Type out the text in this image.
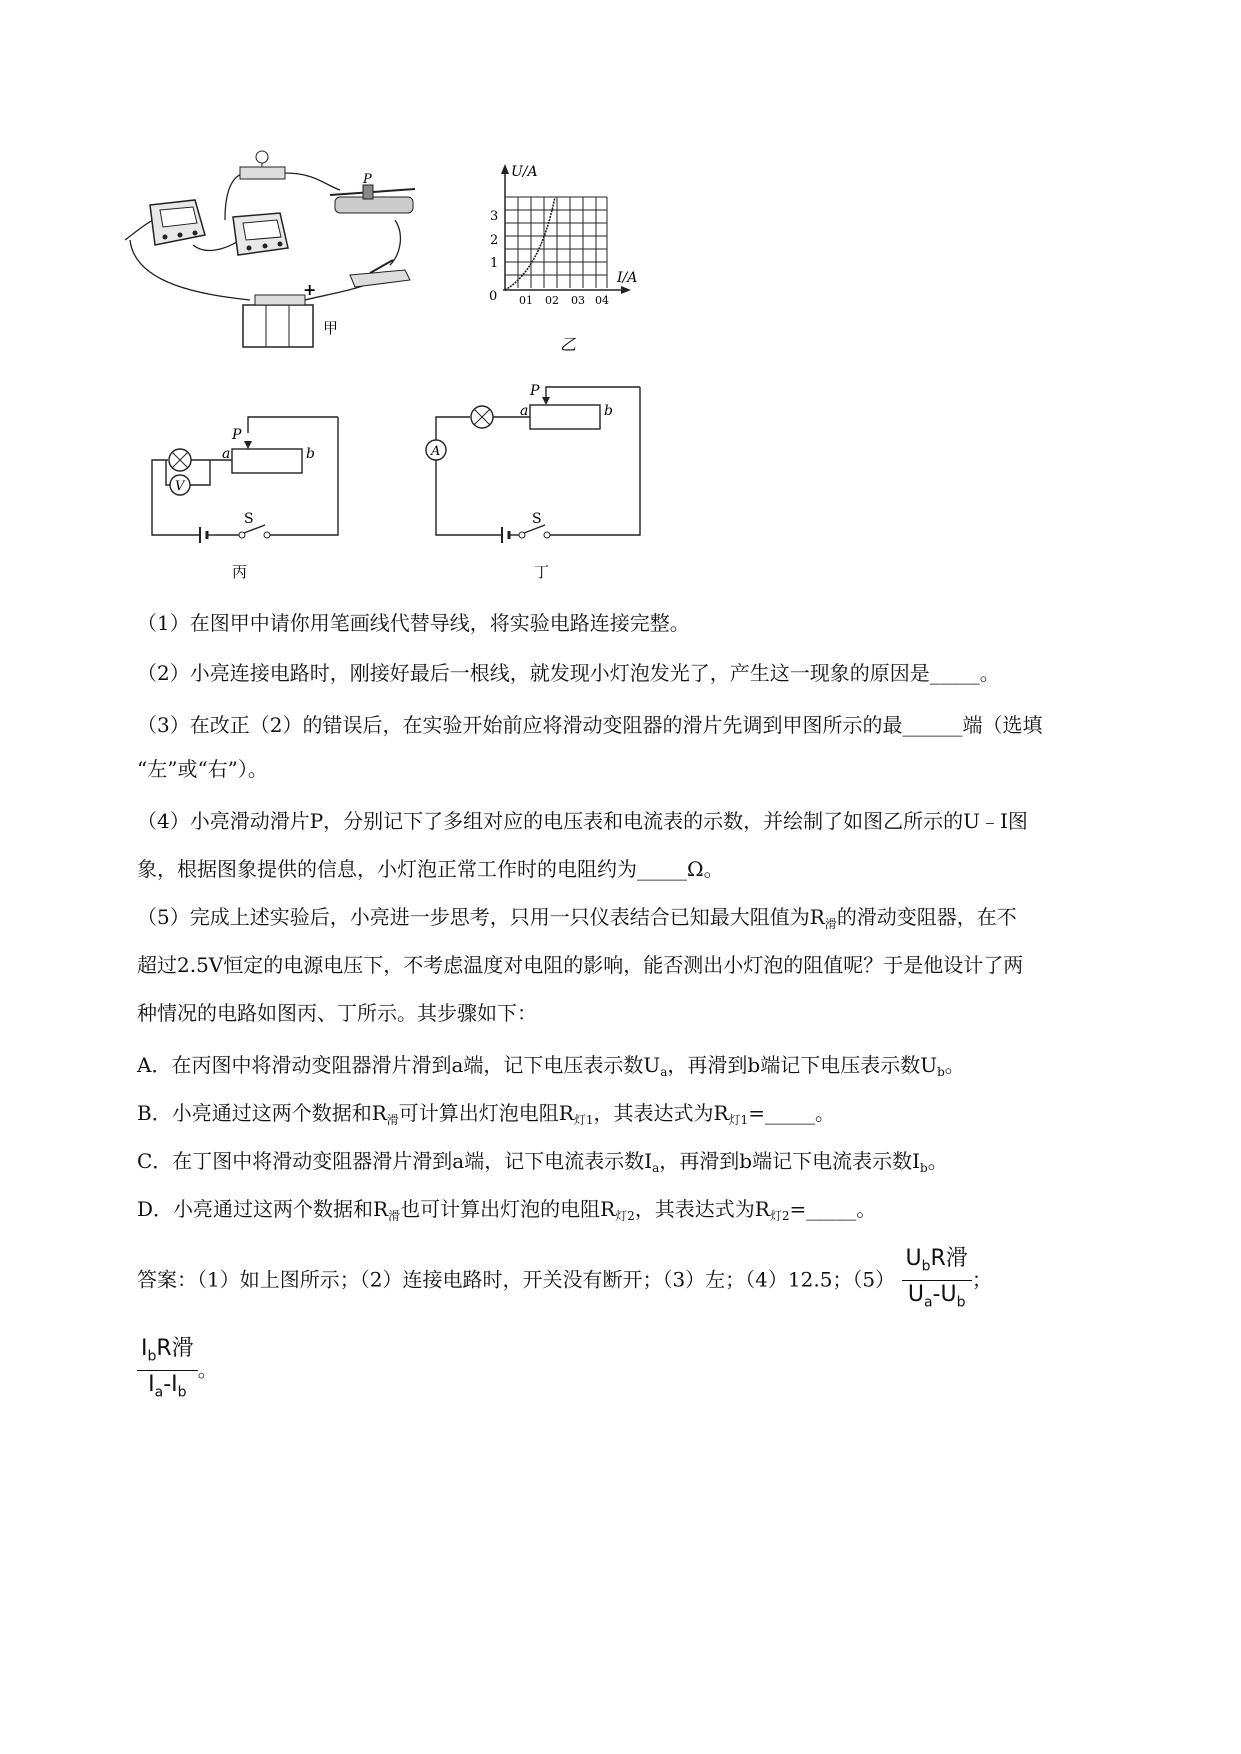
P
+
甲
U/A
I/A
0
1
2
3
01 02 03 04
乙
V
a	b
P
S
丙
A
a	b
P
S
丁
（1）在图甲中请你用笔画线代替导线，将实验电路连接完整。
（2）小亮连接电路时，刚接好最后一根线，就发现小灯泡发光了，产生这一现象的原因是_____。
（3）在改正（2）的错误后，在实验开始前应将滑动变阻器的滑片先调到甲图所示的最______端（选填
“左”或“右”）。
（4）小亮滑动滑片P，分别记下了多组对应的电压表和电流表的示数，并绘制了如图乙所示的U﹣I图
象，根据图象提供的信息，小灯泡正常工作时的电阻约为_____Ω。
（5）完成上述实验后，小亮进一步思考，只用一只仪表结合已知最大阻值为$R_滑$的滑动变阻器，在不
超过2.5V恒定的电源电压下，不考虑温度对电阻的影响，能否测出小灯泡的阻值呢？于是他设计了两
种情况的电路如图丙、丁所示。其步骤如下：
A．在丙图中将滑动变阻器滑片滑到a端，记下电压表示数$U_a$，再滑到b端记下电压表示数$U_b$。
B．小亮通过这两个数据和$R_滑$可计算出灯泡电阻$R_{灯1}$，其表达式为$R_{灯1}=\_\_\_\_\_$。
C．在丁图中将滑动变阻器滑片滑到a端，记下电流表示数$I_a$，再滑到b端记下电流表示数$I_b$。
D．小亮通过这两个数据和$R_滑$也可计算出灯泡的电阻$R_{灯2}$，其表达式为$R_{灯2}=\_\_\_\_\_$。
答案：（1）如上图所示；（2）连接电路时，开关没有断开；（3）左；（4）12.5；$(5) \frac{U_bR滑}{U_a-U_b}$ ；
$\frac{I_bR滑}{I_a-I_b}$ 。
